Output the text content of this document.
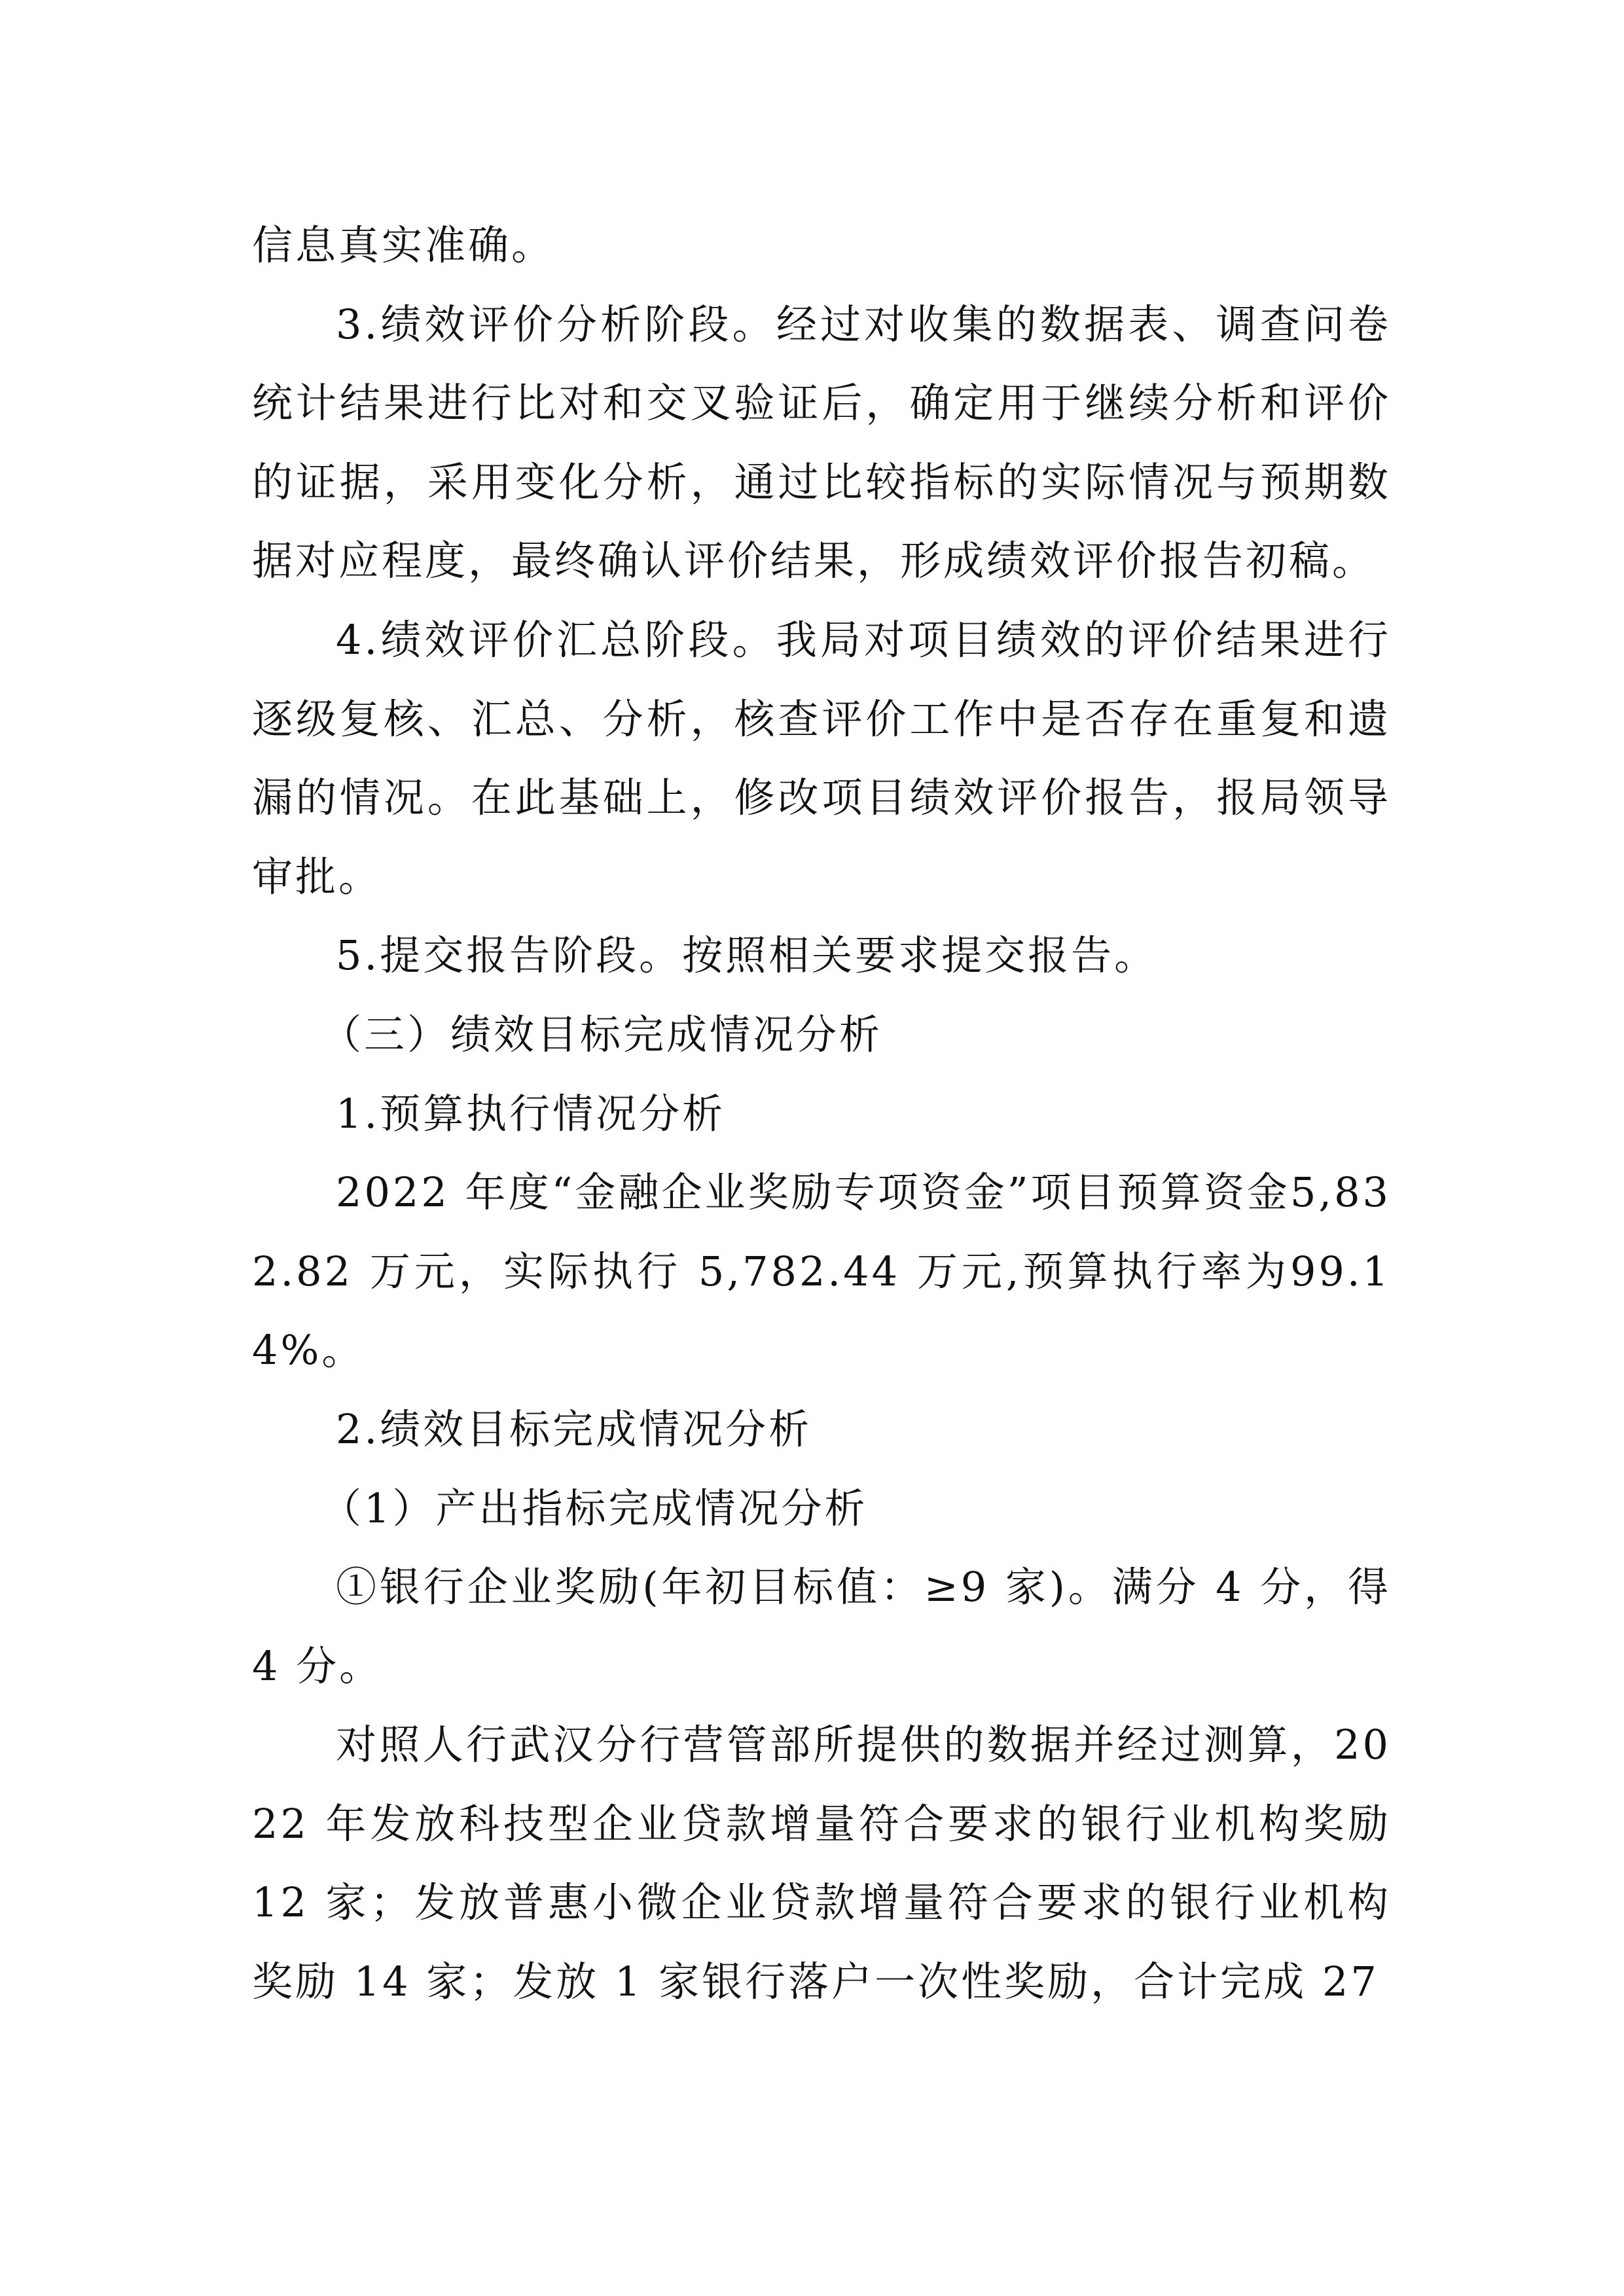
信息真实准确。

3.绩效评价分析阶段。经过对收集的数据表、调查问卷统计结果进行比对和交叉验证后，确定用于继续分析和评价的证据，采用变化分析，通过比较指标的实际情况与预期数据对应程度，最终确认评价结果，形成绩效评价报告初稿。

4.绩效评价汇总阶段。我局对项目绩效的评价结果进行逐级复核、汇总、分析，核查评价工作中是否存在重复和遗漏的情况。在此基础上，修改项目绩效评价报告，报局领导审批。

5.提交报告阶段。按照相关要求提交报告。

（三）绩效目标完成情况分析

1.预算执行情况分析

2022 年度“金融企业奖励专项资金”项目预算资金5,832.82 万元，实际执行 5,782.44 万元,预算执行率为99.14%。

2.绩效目标完成情况分析

（1）产出指标完成情况分析

①银行企业奖励(年初目标值：≥9 家)。满分 4 分，得 4 分。

对照人行武汉分行营管部所提供的数据并经过测算，2022 年发放科技型企业贷款增量符合要求的银行业机构奖励 12 家；发放普惠小微企业贷款增量符合要求的银行业机构奖励 14 家；发放 1 家银行落户一次性奖励，合计完成 27
